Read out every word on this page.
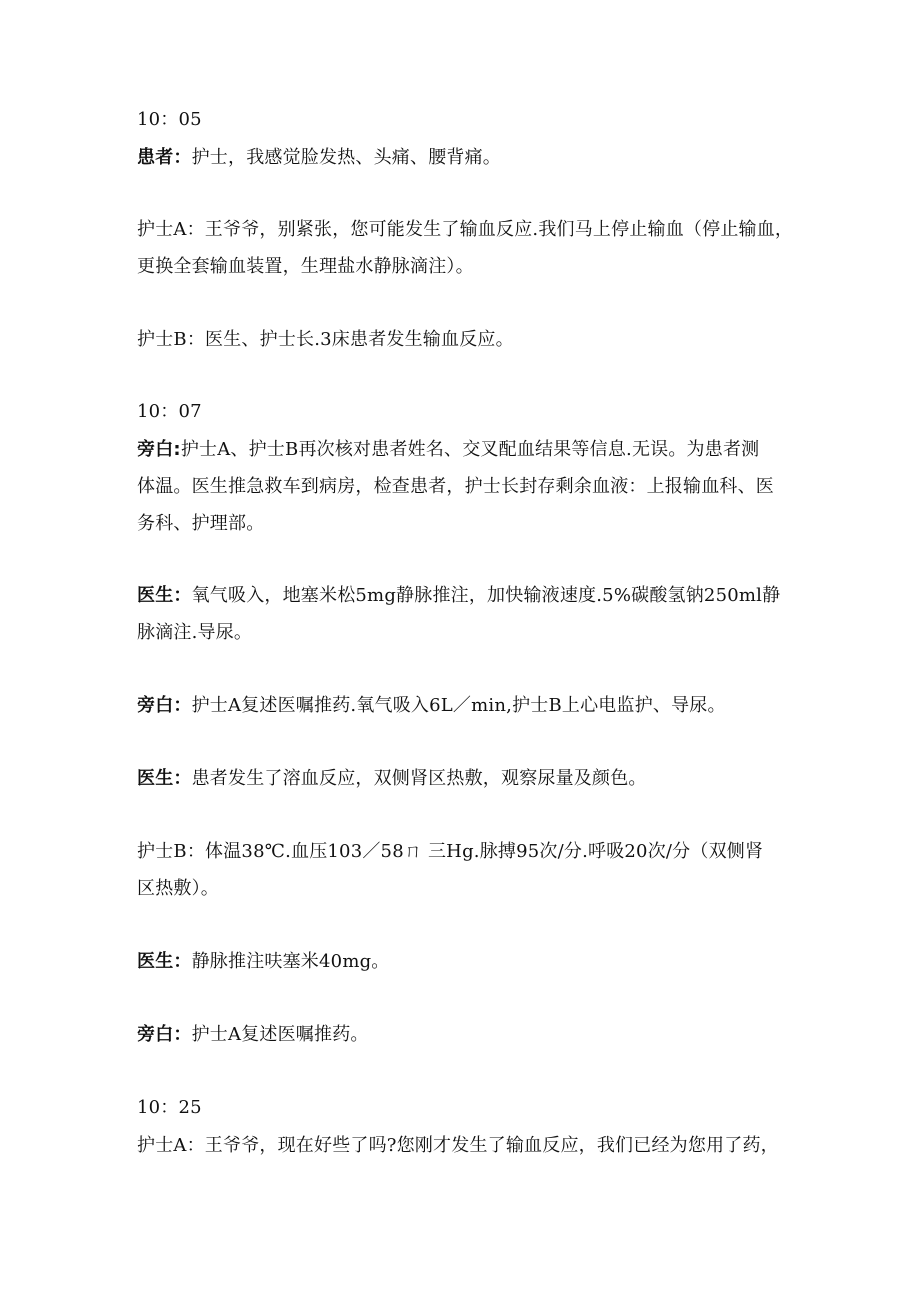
10：05
患者：护士，我感觉脸发热、头痛、腰背痛。
护士A：王爷爷，别紧张，您可能发生了输血反应.我们马上停止输血（停止输血，
更换全套输血装置，生理盐水静脉滴注）。
护士B：医生、护士长.3床患者发生输血反应。
10：07
旁白:护士A、护士B再次核对患者姓名、交叉配血结果等信息.无误。为患者测
体温。医生推急救车到病房，检查患者，护士长封存剩余血液：上报输血科、医
务科、护理部。
医生：氧气吸入，地塞米松5mg静脉推注，加快输液速度.5%碳酸氢钠250ml静
脉滴注.导尿。
旁白：护士A复述医嘱推药.氧气吸入6L／min,护士B上心电监护、导尿。
医生：患者发生了溶血反应，双侧肾区热敷，观察尿量及颜色。
护士B：体温38℃.血压103／58ㄇ 三Hg.脉搏95次/分.呼吸20次/分（双侧肾
区热敷）。
医生：静脉推注呋塞米40mg。
旁白：护士A复述医嘱推药。
10：25
护士A：王爷爷，现在好些了吗?您刚才发生了输血反应，我们已经为您用了药，
